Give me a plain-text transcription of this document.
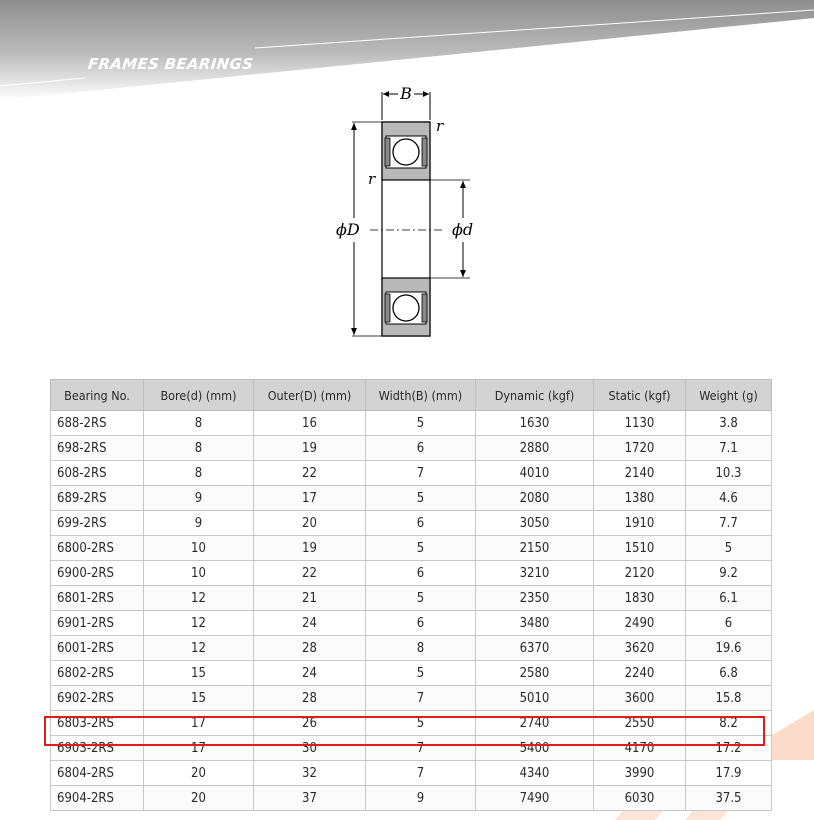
FRAMES BEARINGS
B
r
r
ϕD	ϕd
Bearing No.	Bore(d) (mm)	Outer(D) (mm)	Width(B) (mm)	Dynamic (kgf)	Static (kgf)	Weight (g)
688-2RS	8	16	5	1630	1130	3.8
698-2RS	8	19	6	2880	1720	7.1
608-2RS	8	22	7	4010	2140	10.3
689-2RS	9	17	5	2080	1380	4.6
699-2RS	9	20	6	3050	1910	7.7
6800-2RS	10	19	5	2150	1510	5
6900-2RS	10	22	6	3210	2120	9.2
6801-2RS	12	21	5	2350	1830	6.1
6901-2RS	12	24	6	3480	2490	6
6001-2RS	12	28	8	6370	3620	19.6
6802-2RS	15	24	5	2580	2240	6.8
6902-2RS	15	28	7	5010	3600	15.8
6803-2RS	17	26	5	2740	2550	8.2
6903-2RS	17	30	7	5400	4170	17.2
6804-2RS	20	32	7	4340	3990	17.9
6904-2RS	20	37	9	7490	6030	37.5
